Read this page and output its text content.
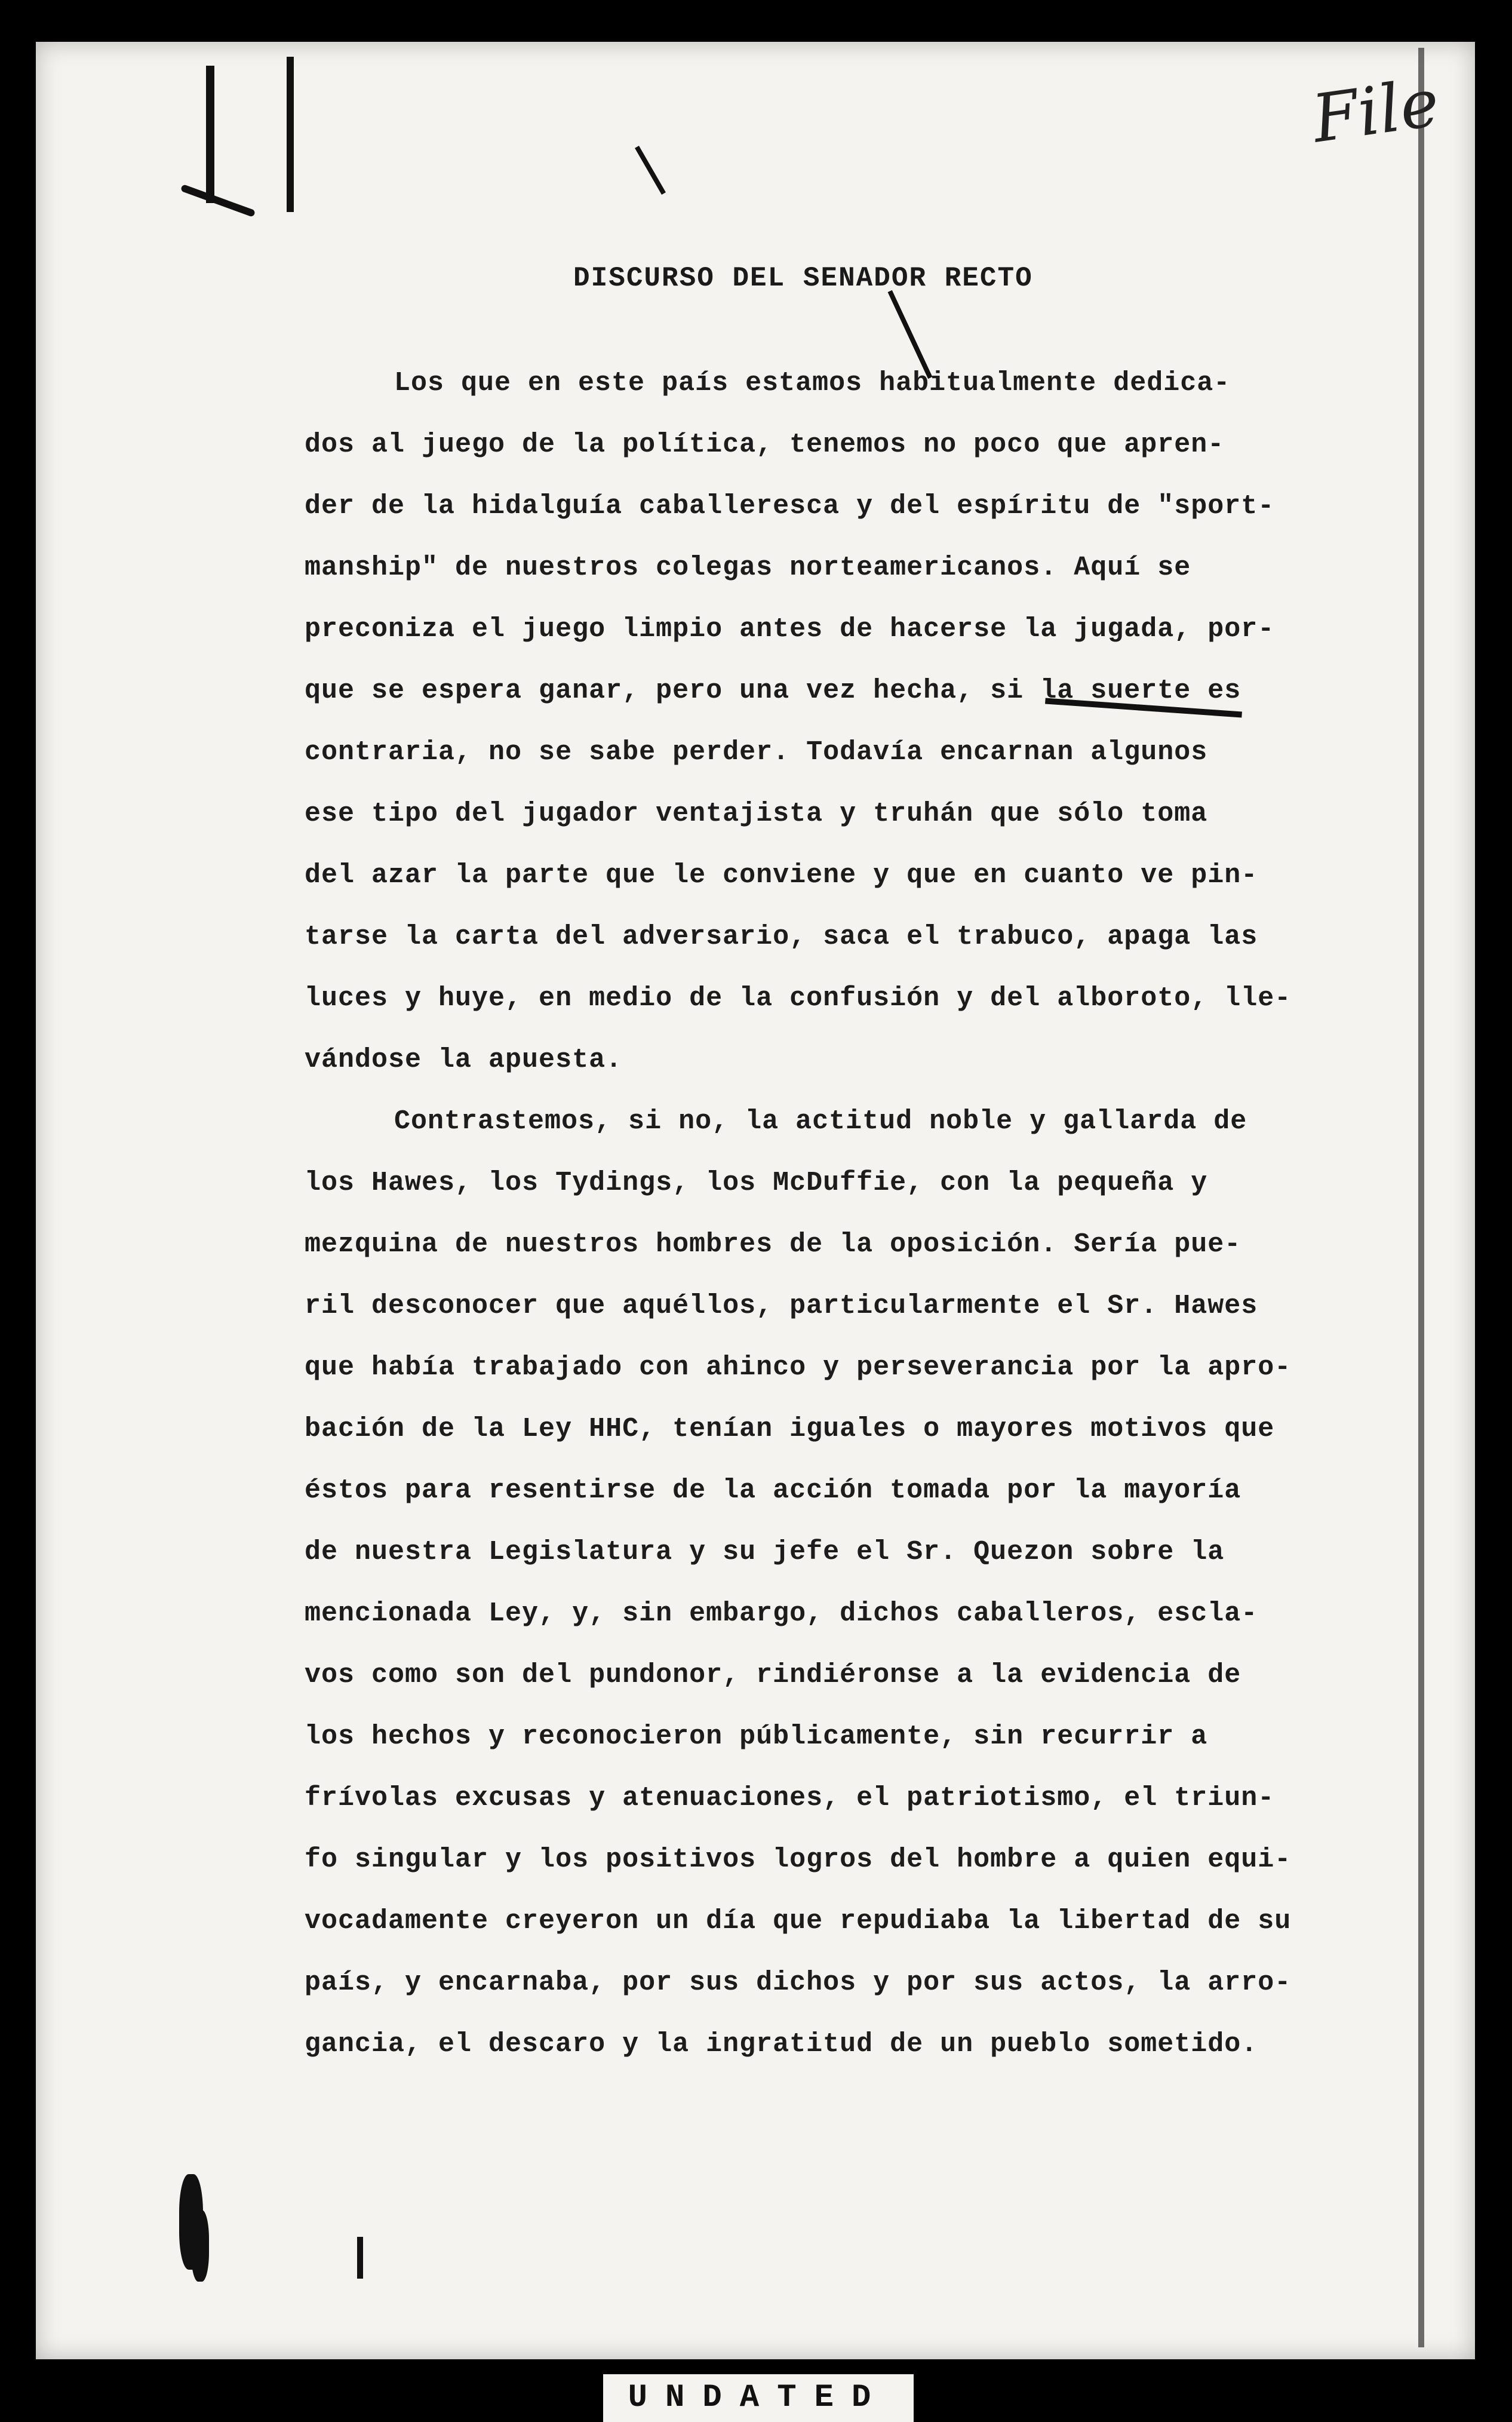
File
DISCURSO DEL SENADOR RECTO
Los que en este país estamos habitualmente dedica-
dos al juego de la política, tenemos no poco que apren-
der de la hidalguía caballeresca y del espíritu de "sport-
manship" de nuestros colegas norteamericanos. Aquí se
preconiza el juego limpio antes de hacerse la jugada, por-
que se espera ganar, pero una vez hecha, si la suerte es
contraria, no se sabe perder. Todavía encarnan algunos
ese tipo del jugador ventajista y truhán que sólo toma
del azar la parte que le conviene y que en cuanto ve pin-
tarse la carta del adversario, saca el trabuco, apaga las
luces y huye, en medio de la confusión y del alboroto, lle-
vándose la apuesta.
Contrastemos, si no, la actitud noble y gallarda de
los Hawes, los Tydings, los McDuffie, con la pequeña y
mezquina de nuestros hombres de la oposición. Sería pue-
ril desconocer que aquéllos, particularmente el Sr. Hawes
que había trabajado con ahinco y perseverancia por la apro-
bación de la Ley HHC, tenían iguales o mayores motivos que
éstos para resentirse de la acción tomada por la mayoría
de nuestra Legislatura y su jefe el Sr. Quezon sobre la
mencionada Ley, y, sin embargo, dichos caballeros, escla-
vos como son del pundonor, rindiéronse a la evidencia de
los hechos y reconocieron públicamente, sin recurrir a
frívolas excusas y atenuaciones, el patriotismo, el triun-
fo singular y los positivos logros del hombre a quien equi-
vocadamente creyeron un día que repudiaba la libertad de su
país, y encarnaba, por sus dichos y por sus actos, la arro-
gancia, el descaro y la ingratitud de un pueblo sometido.
UNDATED
